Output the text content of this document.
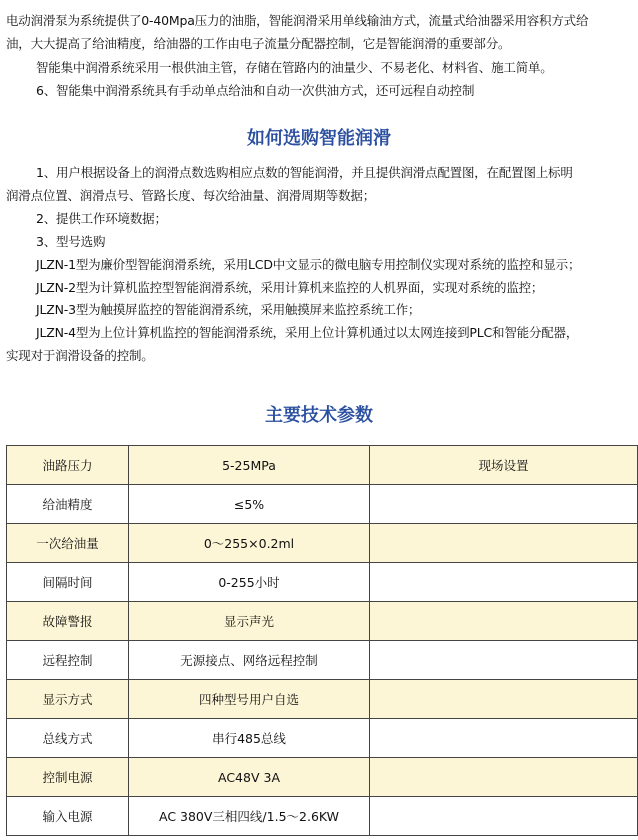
电动润滑泵为系统提供了0-40Mpa压力的油脂，智能润滑采用单线输油方式，流量式给油器采用容积方式给
油，大大提高了给油精度，给油器的工作由电子流量分配器控制，它是智能润滑的重要部分。
智能集中润滑系统采用一根供油主管，存储在管路内的油量少、不易老化、材料省、施工简单。
6、智能集中润滑系统具有手动单点给油和自动一次供油方式，还可远程自动控制
如何选购智能润滑
1、用户根据设备上的润滑点数选购相应点数的智能润滑，并且提供润滑点配置图，在配置图上标明
润滑点位置、润滑点号、管路长度、每次给油量、润滑周期等数据；
2、提供工作环境数据；
3、型号选购
JLZN-1型为廉价型智能润滑系统，采用LCD中文显示的微电脑专用控制仪实现对系统的监控和显示；
JLZN-2型为计算机监控型智能润滑系统，采用计算机来监控的人机界面，实现对系统的监控；
JLZN-3型为触摸屏监控的智能润滑系统，采用触摸屏来监控系统工作；
JLZN-4型为上位计算机监控的智能润滑系统，采用上位计算机通过以太网连接到PLC和智能分配器，
实现对于润滑设备的控制。
主要技术参数
油路压力	5-25MPa	现场设置
给油精度	≤5%	
一次给油量	0～255×0.2ml	
间隔时间	0-255小时	
故障警报	显示声光	
远程控制	无源接点、网络远程控制	
显示方式	四种型号用户自选	
总线方式	串行485总线	
控制电源	AC48V 3A	
输入电源	AC 380V三相四线/1.5～2.6KW	
